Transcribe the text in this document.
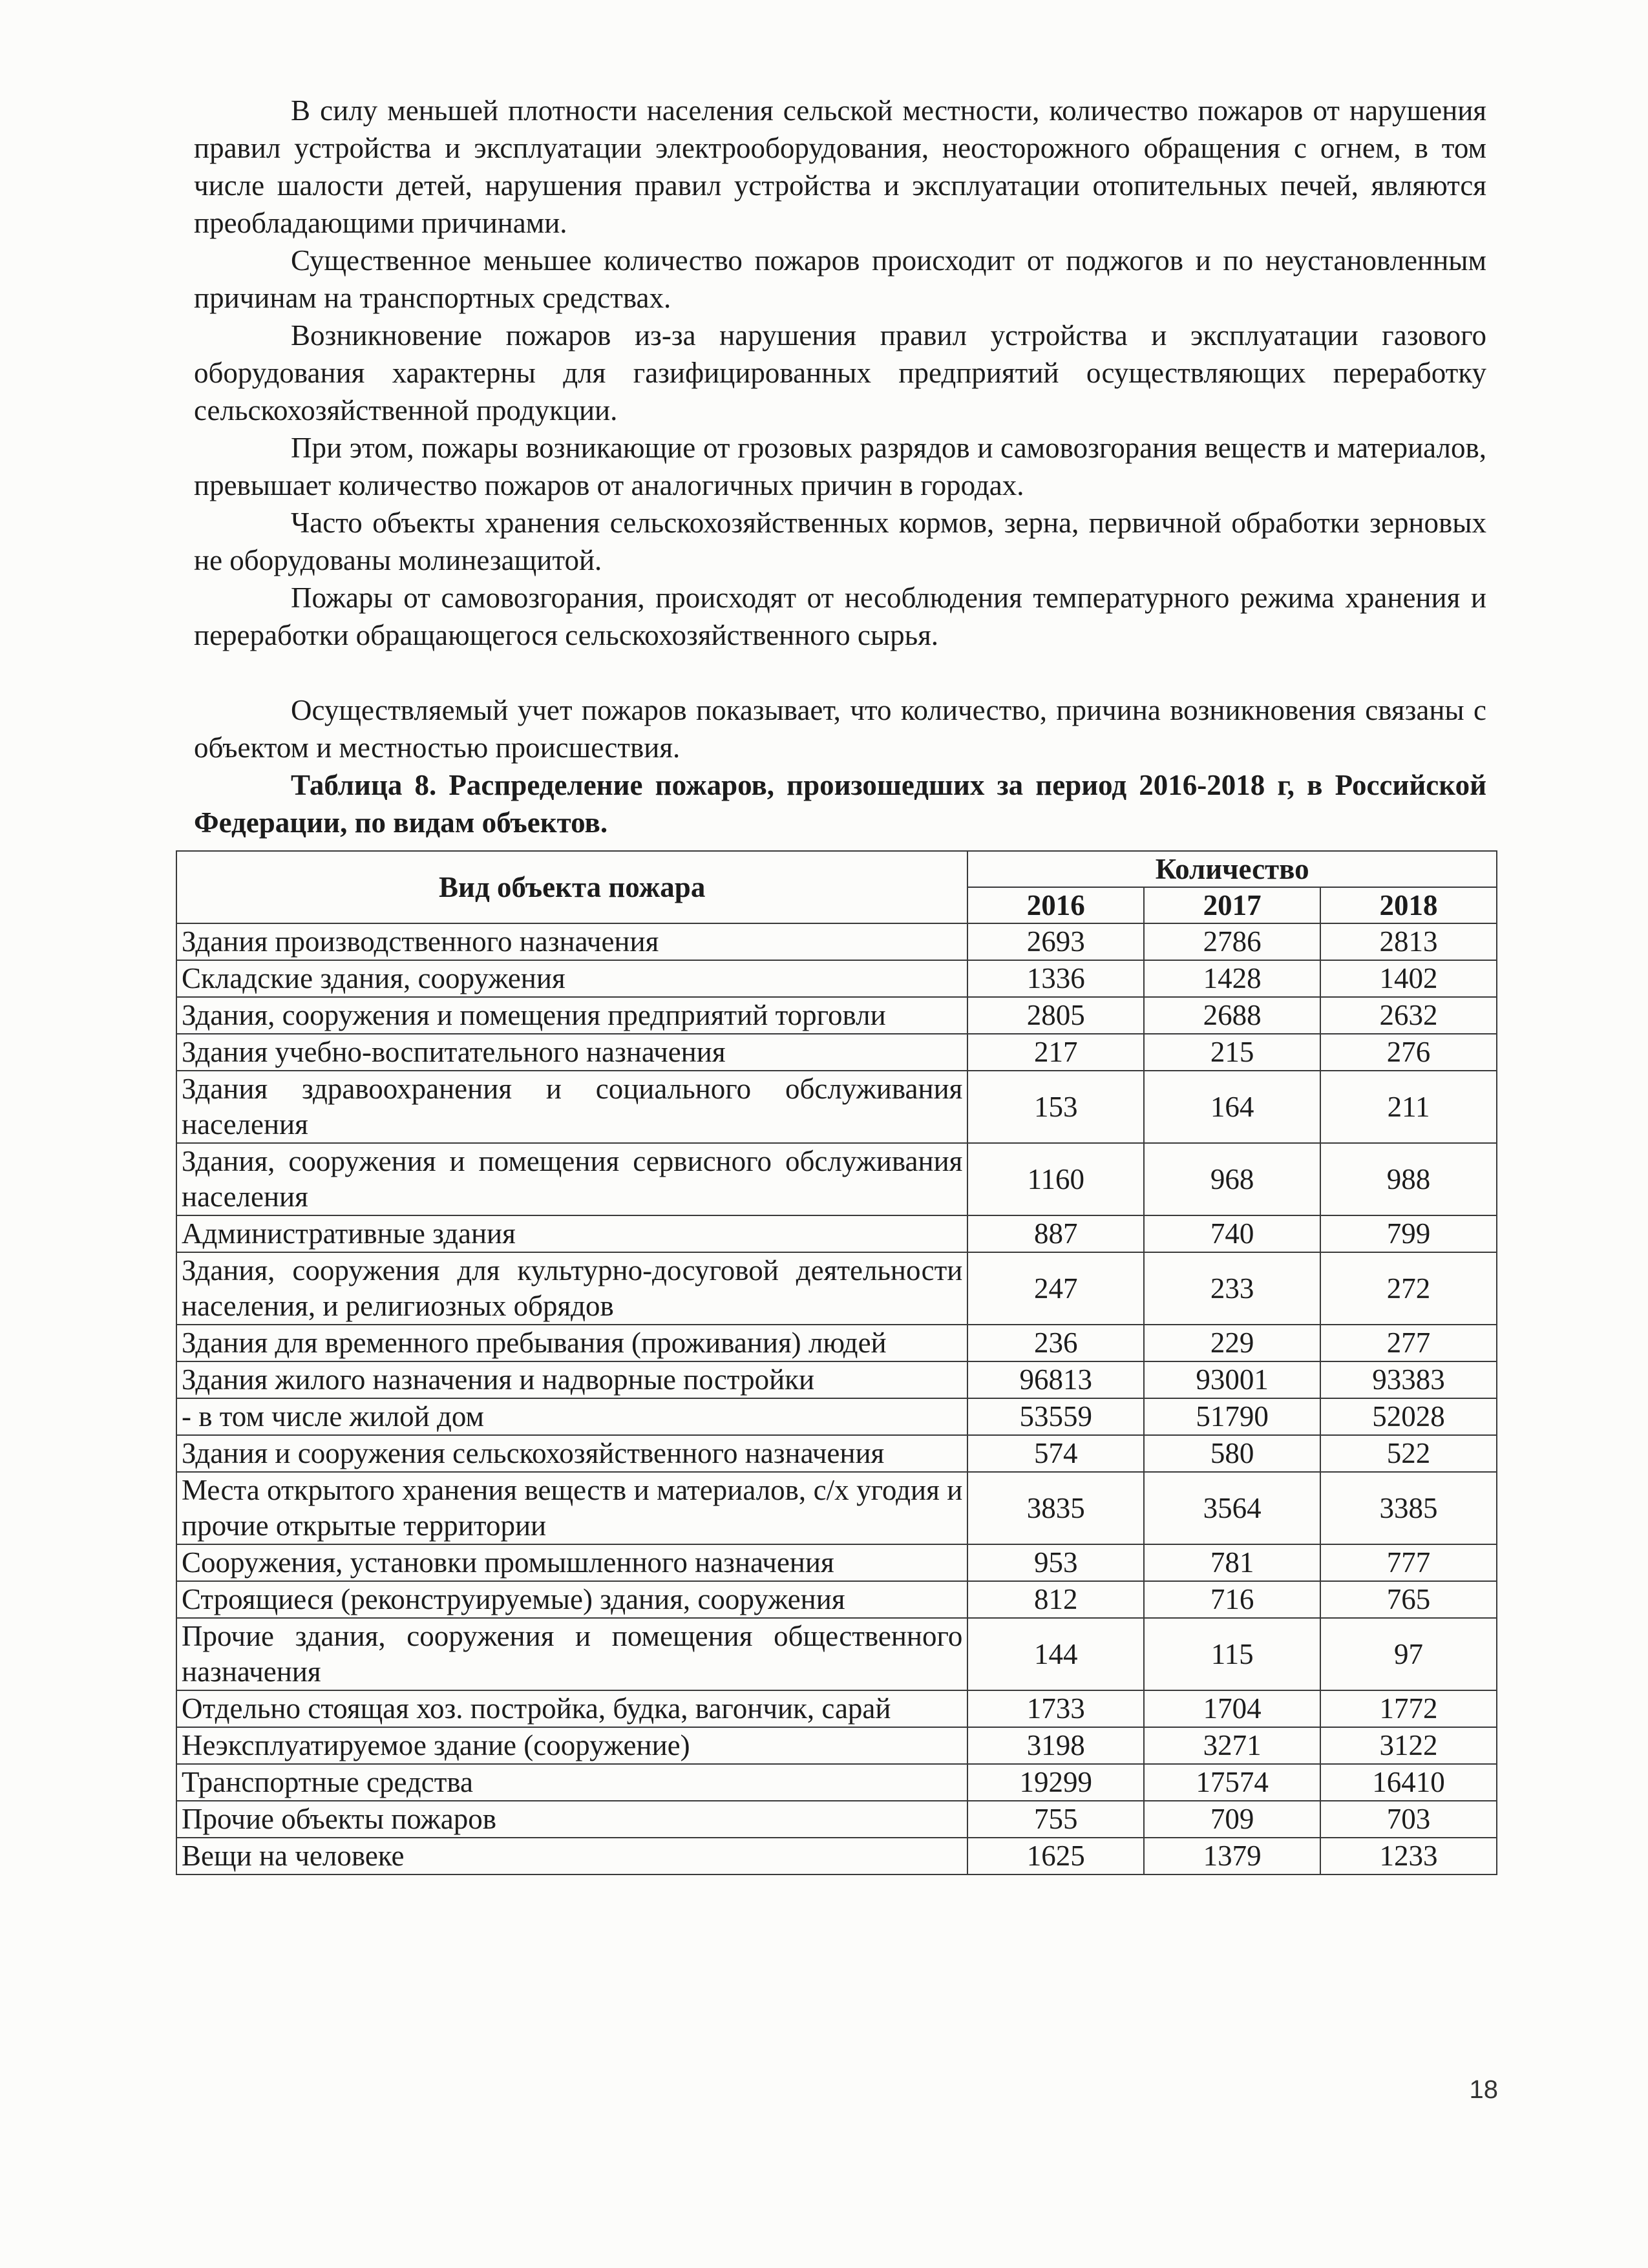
В силу меньшей плотности населения сельской местности, количество пожаров от нарушения правил устройства и эксплуатации электрооборудования, неосторожного обращения с огнем, в том числе шалости детей, нарушения правил устройства и эксплуатации отопительных печей, являются преобладающими причинами.

Существенное меньшее количество пожаров происходит от поджогов и по неустановленным причинам на транспортных средствах.

Возникновение пожаров из-за нарушения правил устройства и эксплуатации газового оборудования характерны для газифицированных предприятий осуществляющих переработку сельскохозяйственной продукции.

При этом, пожары возникающие от грозовых разрядов и самовозгорания веществ и материалов, превышает количество пожаров от аналогичных причин в городах.

Часто объекты хранения сельскохозяйственных кормов, зерна, первичной обработки зерновых не оборудованы молинезащитой.

Пожары от самовозгорания, происходят от несоблюдения температурного режима хранения и переработки обращающегося сельскохозяйственного сырья.

Осуществляемый учет пожаров показывает, что количество, причина возникновения связаны с объектом и местностью происшествия.

Таблица 8. Распределение пожаров, произошедших за период 2016-2018 г, в Российской Федерации, по видам объектов.

Вид объекта пожара	Количество		
	2016	2017	2018
Здания производственного назначения	2693	2786	2813
Складские здания, сооружения	1336	1428	1402
Здания, сооружения и помещения предприятий торговли	2805	2688	2632
Здания учебно-воспитательного назначения	217	215	276
Здания здравоохранения и социального обслуживания населения	153	164	211
Здания, сооружения и помещения сервисного обслуживания населения	1160	968	988
Административные здания	887	740	799
Здания, сооружения для культурно-досуговой деятельности населения, и религиозных обрядов	247	233	272
Здания для временного пребывания (проживания) людей	236	229	277
Здания жилого назначения и надворные постройки	96813	93001	93383
- в том числе жилой дом	53559	51790	52028
Здания и сооружения сельскохозяйственного назначения	574	580	522
Места открытого хранения веществ и материалов, с/х угодия и прочие открытые территории	3835	3564	3385
Сооружения, установки промышленного назначения	953	781	777
Строящиеся (реконструируемые) здания, сооружения	812	716	765
Прочие здания, сооружения и помещения общественного назначения	144	115	97
Отдельно стоящая хоз. постройка, будка, вагончик, сарай	1733	1704	1772
Неэксплуатируемое здание (сооружение)	3198	3271	3122
Транспортные средства	19299	17574	16410
Прочие объекты пожаров	755	709	703
Вещи на человеке	1625	1379	1233
18
